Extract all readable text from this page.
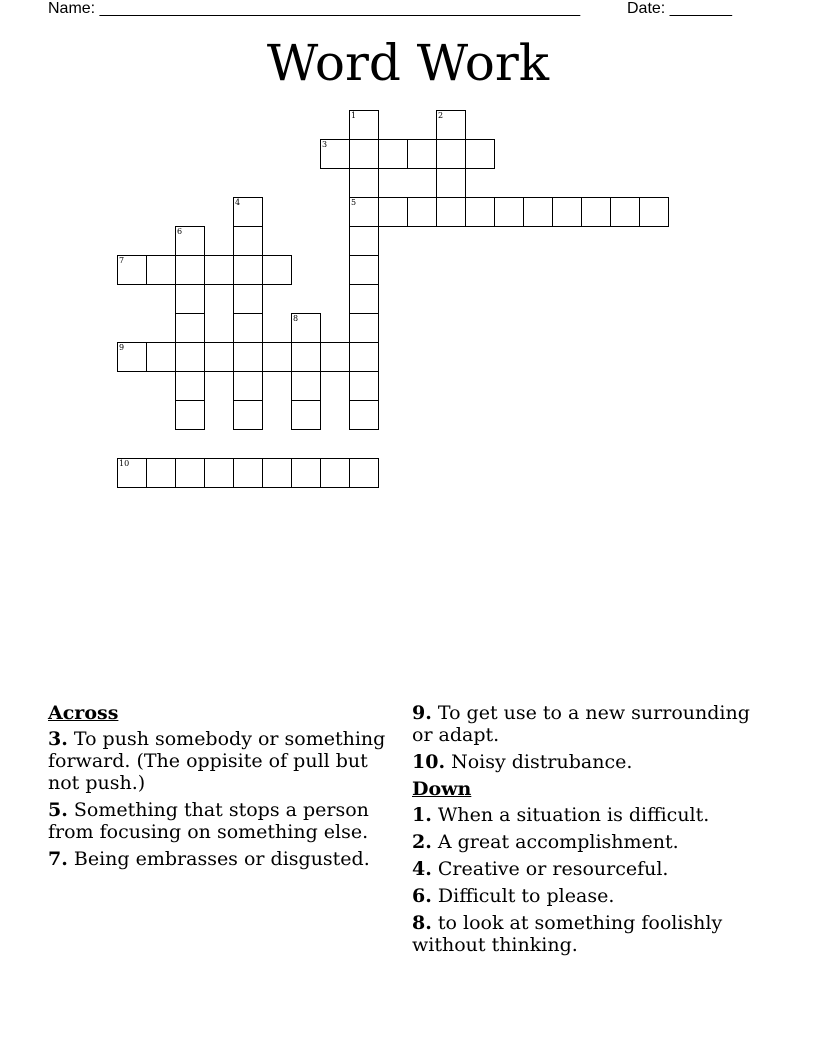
Name: ______________________________________________________	Date: _______
Word Work
1
5
2
3
4
6
7
8
9
10
Across
3. To push somebody or something forward. (The oppisite of pull but not push.)
5. Something that stops a person from focusing on something else.
7. Being embrasses or disgusted.
9. To get use to a new surrounding or adapt.
10. Noisy distrubance.
Down
1. When a situation is difficult.
2. A great accomplishment.
4. Creative or resourceful.
6. Difficult to please.
8. to look at something foolishly without thinking.
